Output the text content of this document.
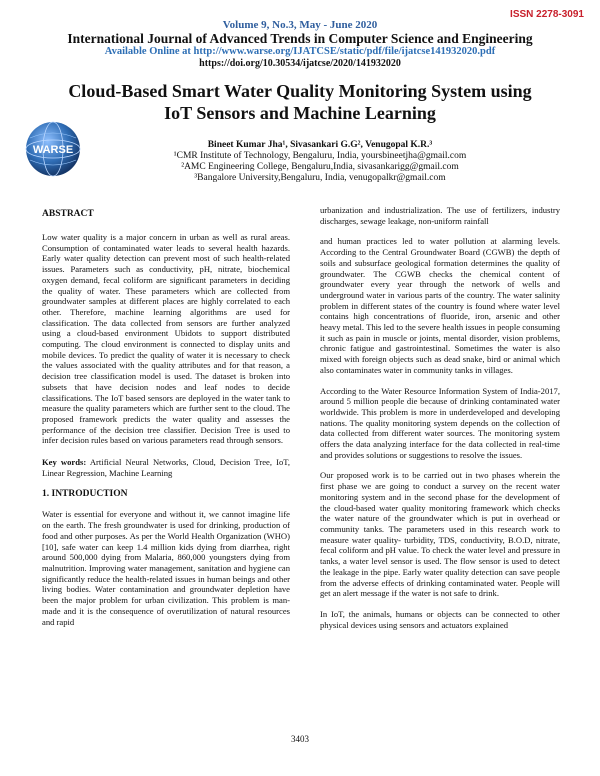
ISSN 2278-3091
Volume 9, No.3, May - June 2020
International Journal of Advanced Trends in Computer Science and Engineering
Available Online at http://www.warse.org/IJATCSE/static/pdf/file/ijatcse141932020.pdf
https://doi.org/10.30534/ijatcse/2020/141932020
WARSE
Cloud-Based Smart Water Quality Monitoring System using
IoT Sensors and Machine Learning
Bineet Kumar Jha¹, Sivasankari G.G², Venugopal K.R.³
¹CMR Institute of Technology, Bengaluru, India, yoursbineetjha@gmail.com
²AMC Engineering College, Bengaluru,India, sivasankarigg@gmail.com
³Bangalore University,Bengaluru, India, venugopalkr@gmail.com

ABSTRACT

Low water quality is a major concern in urban as well as rural areas. Consumption of contaminated water leads to several health hazards. Early water quality detection can prevent most of such health-related issues. Parameters such as conductivity, pH, nitrate, biochemical oxygen demand, fecal coliform are significant parameters in deciding the quality of water. These parameters which are collected from groundwater samples at different places are highly correlated to each other. Therefore, machine learning algorithms are used for classification. The data collected from sensors are further analyzed using a cloud-based environment Ubidots to support distributed computing. The cloud environment is connected to display units and mobile devices. To predict the quality of water it is necessary to check the values associated with the quality attributes and for that reason, a decision tree classification model is used. The dataset is broken into subsets that have decision nodes and leaf nodes to decide classifications. The IoT based sensors are deployed in the water tank to measure the quality parameters which are further sent to the cloud. The proposed framework predicts the water quality and assesses the performance of the decision tree classifier. Decision Tree is used to infer decision rules based on various parameters read through sensors.

Key words: Artificial Neural Networks, Cloud, Decision Tree, IoT, Linear Regression, Machine Learning

1. INTRODUCTION

Water is essential for everyone and without it, we cannot imagine life on the earth. The fresh groundwater is used for drinking, production of food and other purposes. As per the World Health Organization (WHO) [10], safe water can keep 1.4 million kids dying from diarrhea, right around 500,000 dying from Malaria, 860,000 youngsters dying from malnutrition. Improving water management, sanitation and hygiene can significantly reduce the health-related issues in human beings and other living bodies. Water contamination and groundwater depletion have been the major problem for urban civilization. This problem is man-made and it is the consequence of overutilization of natural resources and rapid

urbanization and industrialization. The use of fertilizers, industry discharges, sewage leakage, non-uniform rainfall

and human practices led to water pollution at alarming levels. According to the Central Groundwater Board (CGWB) the depth of soils and subsurface geological formation determines the quality of groundwater. The CGWB checks the chemical content of groundwater every year through the network of wells and underground water in various parts of the country. The water salinity problem in different states of the country is found where water level contains high concentrations of fluoride, iron, arsenic and other heavy metal. This led to the severe health issues in people consuming it such as pain in muscle or joints, mental disorder, vision problems, chronic fatigue and gastrointestinal. Sometimes the water is also mixed with foreign objects such as dead snake, bird or animal which also contaminates water in community tanks in villages.

According to the Water Resource Information System of India-2017, around 5 million people die because of drinking contaminated water worldwide. This problem is more in underdeveloped and developing nations. The quality monitoring system depends on the collection of data collected from different water sources. The monitoring system offers the data analyzing interface for the data collected in real-time and provides solutions or suggestions to resolve the issues.

Our proposed work is to be carried out in two phases wherein the first phase we are going to conduct a survey on the recent water monitoring system and in the second phase for the development of the cloud-based water quality monitoring framework which checks the water nature of the groundwater which is put in overhead or community tanks. The parameters used in this research work to measure water quality- turbidity, TDS, conductivity, B.O.D, nitrate, fecal coliform and pH value. To check the water level and pressure in tanks, a water level sensor is used. The flow sensor is used to detect the leakage in the pipe. Early water quality detection can save people from the adverse effects of drinking contaminated water. People will get an alert message if the water is not safe to drink.

In IoT, the animals, humans or objects can be connected to other physical devices using sensors and actuators explained

3403
